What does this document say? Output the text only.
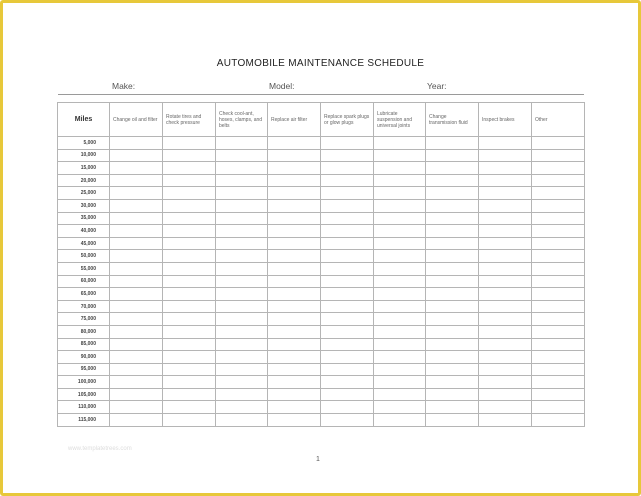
AUTOMOBILE MAINTENANCE SCHEDULE
Make:	Model:	Year:
Miles	Change oil and filter	Rotate tires and check pressure	Check cool-ant, hoses, clamps, and belts	Replace air filter	Replace spark plugs or glow plugs	Lubricate suspension and universal joints	Change transmission fluid	Inspect brakes	Other
5,000									
10,000									
15,000									
20,000									
25,000									
30,000									
35,000									
40,000									
45,000									
50,000									
55,000									
60,000									
65,000									
70,000									
75,000									
80,000									
85,000									
90,000									
95,000									
100,000									
105,000									
110,000									
115,000									
www.templatetrees.com
1
